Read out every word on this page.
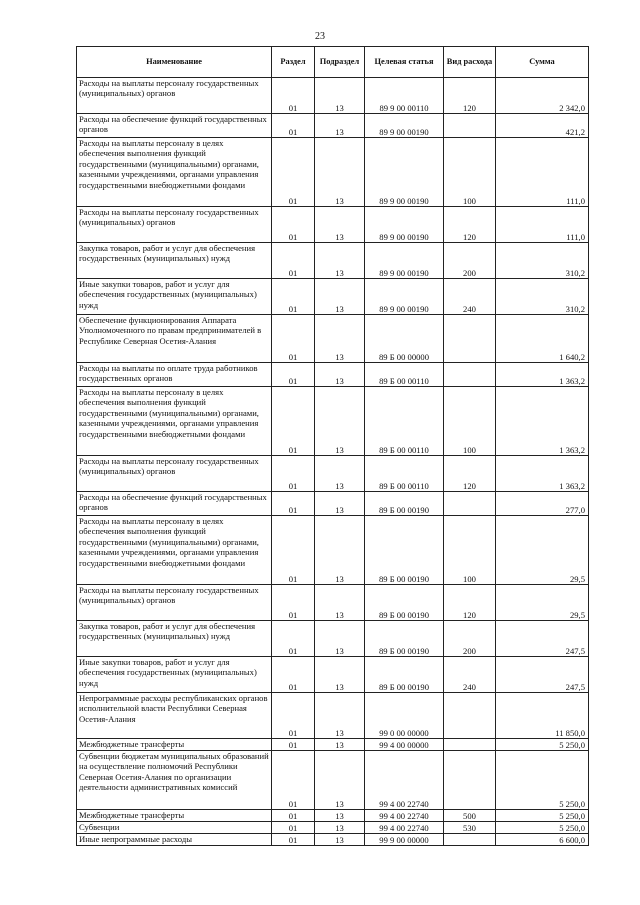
23
Наименование	Раздел	Подраздел	Целевая статья	Вид расхода	Сумма
Расходы на выплаты персоналу государственных (муниципальных) органов	01	13	89 9 00 00110	120	2 342,0
Расходы на обеспечение функций государственных органов	01	13	89 9 00 00190		421,2
Расходы на выплаты персоналу в целях обеспечения выполнения функций государственными (муниципальными) органами, казенными учреждениями, органами управления государственными внебюджетными фондами	01	13	89 9 00 00190	100	111,0
Расходы на выплаты персоналу государственных (муниципальных) органов	01	13	89 9 00 00190	120	111,0
Закупка товаров, работ и услуг для обеспечения государственных (муниципальных) нужд	01	13	89 9 00 00190	200	310,2
Иные закупки товаров, работ и услуг для обеспечения государственных (муниципальных) нужд	01	13	89 9 00 00190	240	310,2
Обеспечение функционирования Аппарата Уполномоченного по правам предпринимателей в Республике Северная Осетия-Алания	01	13	89 Б 00 00000		1 640,2
Расходы на выплаты по оплате труда работников государственных органов	01	13	89 Б 00 00110		1 363,2
Расходы на выплаты персоналу в целях обеспечения выполнения функций государственными (муниципальными) органами, казенными учреждениями, органами управления государственными внебюджетными фондами	01	13	89 Б 00 00110	100	1 363,2
Расходы на выплаты персоналу государственных (муниципальных) органов	01	13	89 Б 00 00110	120	1 363,2
Расходы на обеспечение функций государственных органов	01	13	89 Б 00 00190		277,0
Расходы на выплаты персоналу в целях обеспечения выполнения функций государственными (муниципальными) органами, казенными учреждениями, органами управления государственными внебюджетными фондами	01	13	89 Б 00 00190	100	29,5
Расходы на выплаты персоналу государственных (муниципальных) органов	01	13	89 Б 00 00190	120	29,5
Закупка товаров, работ и услуг для обеспечения государственных (муниципальных) нужд	01	13	89 Б 00 00190	200	247,5
Иные закупки товаров, работ и услуг для обеспечения государственных (муниципальных) нужд	01	13	89 Б 00 00190	240	247,5
Непрограммные расходы республиканских органов исполнительной власти Республики Северная Осетия-Алания	01	13	99 0 00 00000		11 850,0
Межбюджетные трансферты	01	13	99 4 00 00000		5 250,0
Субвенции бюджетам муниципальных образований на осуществление полномочий Республики Северная Осетия-Алания по организации деятельности административных комиссий	01	13	99 4 00 22740		5 250,0
Межбюджетные трансферты	01	13	99 4 00 22740	500	5 250,0
Субвенции	01	13	99 4 00 22740	530	5 250,0
Иные непрограммные расходы	01	13	99 9 00 00000		6 600,0
